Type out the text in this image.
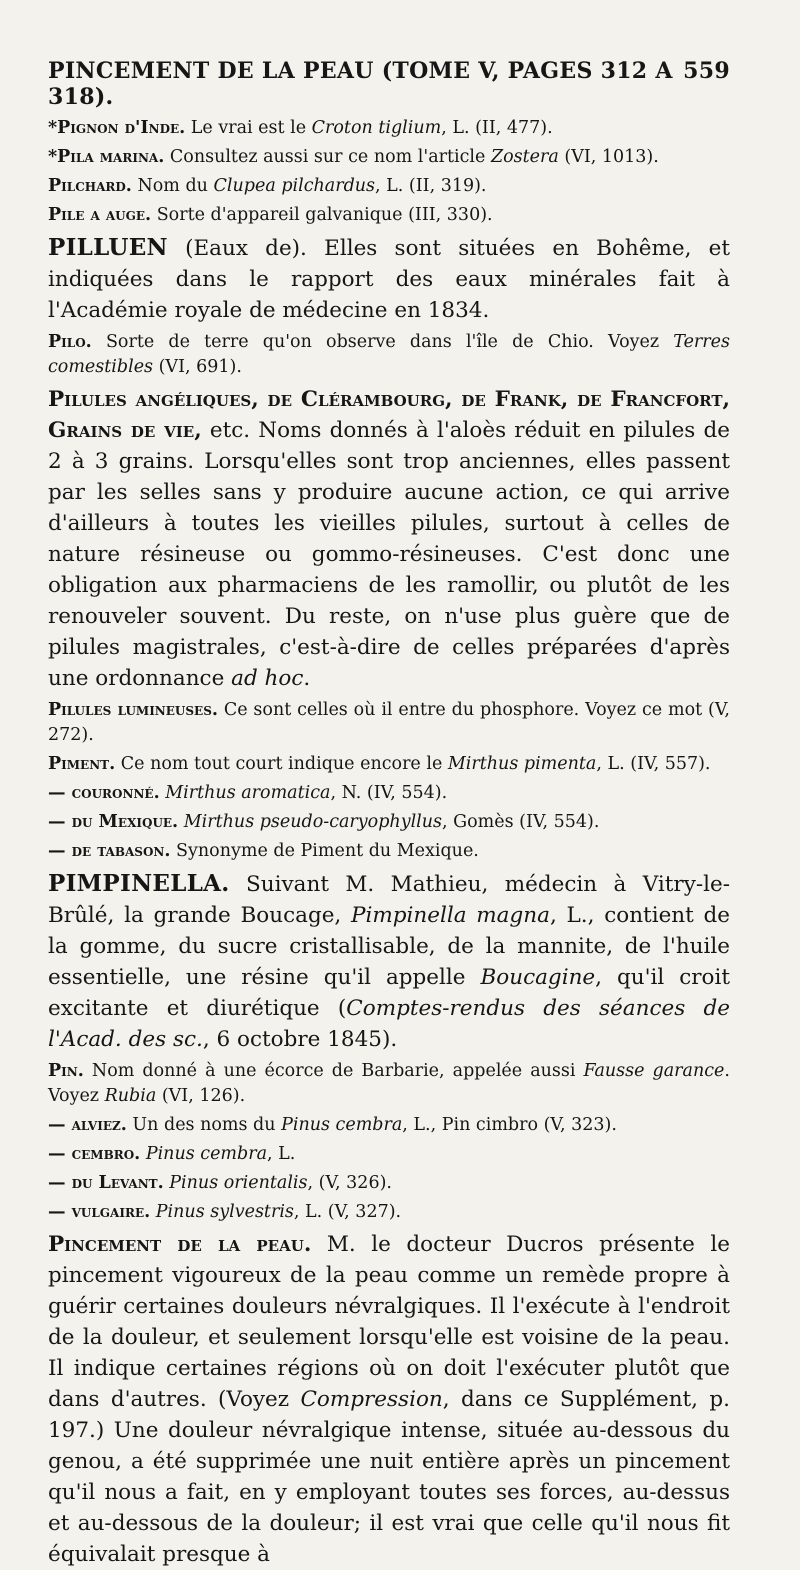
PINCEMENT DE LA PEAU (TOME V, PAGES 312 A 318).
559

*Pignon d'Inde. Le vrai est le Croton tiglium, L. (II, 477).

*Pila marina. Consultez aussi sur ce nom l'article Zostera (VI, 1013).

Pilchard. Nom du Clupea pilchardus, L. (II, 319).

Pile a auge. Sorte d'appareil galvanique (III, 330).

PILLUEN (Eaux de). Elles sont situées en Bohême, et indiquées dans le rapport des eaux minérales fait à l'Académie royale de médecine en 1834.

Pilo. Sorte de terre qu'on observe dans l'île de Chio. Voyez Terres comestibles (VI, 691).

Pilules angéliques, de Clérambourg, de Frank, de Francfort, Grains de vie, etc. Noms donnés à l'aloès réduit en pilules de 2 à 3 grains. Lorsqu'elles sont trop anciennes, elles passent par les selles sans y produire aucune action, ce qui arrive d'ailleurs à toutes les vieilles pilules, surtout à celles de nature résineuse ou gommo-résineuses. C'est donc une obligation aux pharmaciens de les ramollir, ou plutôt de les renouveler souvent. Du reste, on n'use plus guère que de pilules magistrales, c'est-à-dire de celles préparées d'après une ordonnance ad hoc.

Pilules lumineuses. Ce sont celles où il entre du phosphore. Voyez ce mot (V, 272).

Piment. Ce nom tout court indique encore le Mirthus pimenta, L. (IV, 557).

— couronné. Mirthus aromatica, N. (IV, 554).

— du Mexique. Mirthus pseudo-caryophyllus, Gomès (IV, 554).

— de tabason. Synonyme de Piment du Mexique.

PIMPINELLA. Suivant M. Mathieu, médecin à Vitry-le-Brûlé, la grande Boucage, Pimpinella magna, L., contient de la gomme, du sucre cristallisable, de la mannite, de l'huile essentielle, une résine qu'il appelle Boucagine, qu'il croit excitante et diurétique (Comptes-rendus des séances de l'Acad. des sc., 6 octobre 1845).

Pin. Nom donné à une écorce de Barbarie, appelée aussi Fausse garance. Voyez Rubia (VI, 126).

— alviez. Un des noms du Pinus cembra, L., Pin cimbro (V, 323).

— cembro. Pinus cembra, L.

— du Levant. Pinus orientalis, (V, 326).

— vulgaire. Pinus sylvestris, L. (V, 327).

Pincement de la peau. M. le docteur Ducros présente le pincement vigoureux de la peau comme un remède propre à guérir certaines douleurs névralgiques. Il l'exécute à l'endroit de la douleur, et seulement lorsqu'elle est voisine de la peau. Il indique certaines régions où on doit l'exécuter plutôt que dans d'autres. (Voyez Compression, dans ce Supplément, p. 197.) Une douleur névralgique intense, située au-dessous du genou, a été supprimée une nuit entière après un pincement qu'il nous a fait, en y employant toutes ses forces, au-dessus et au-dessous de la douleur; il est vrai que celle qu'il nous fit équivalait presque à
